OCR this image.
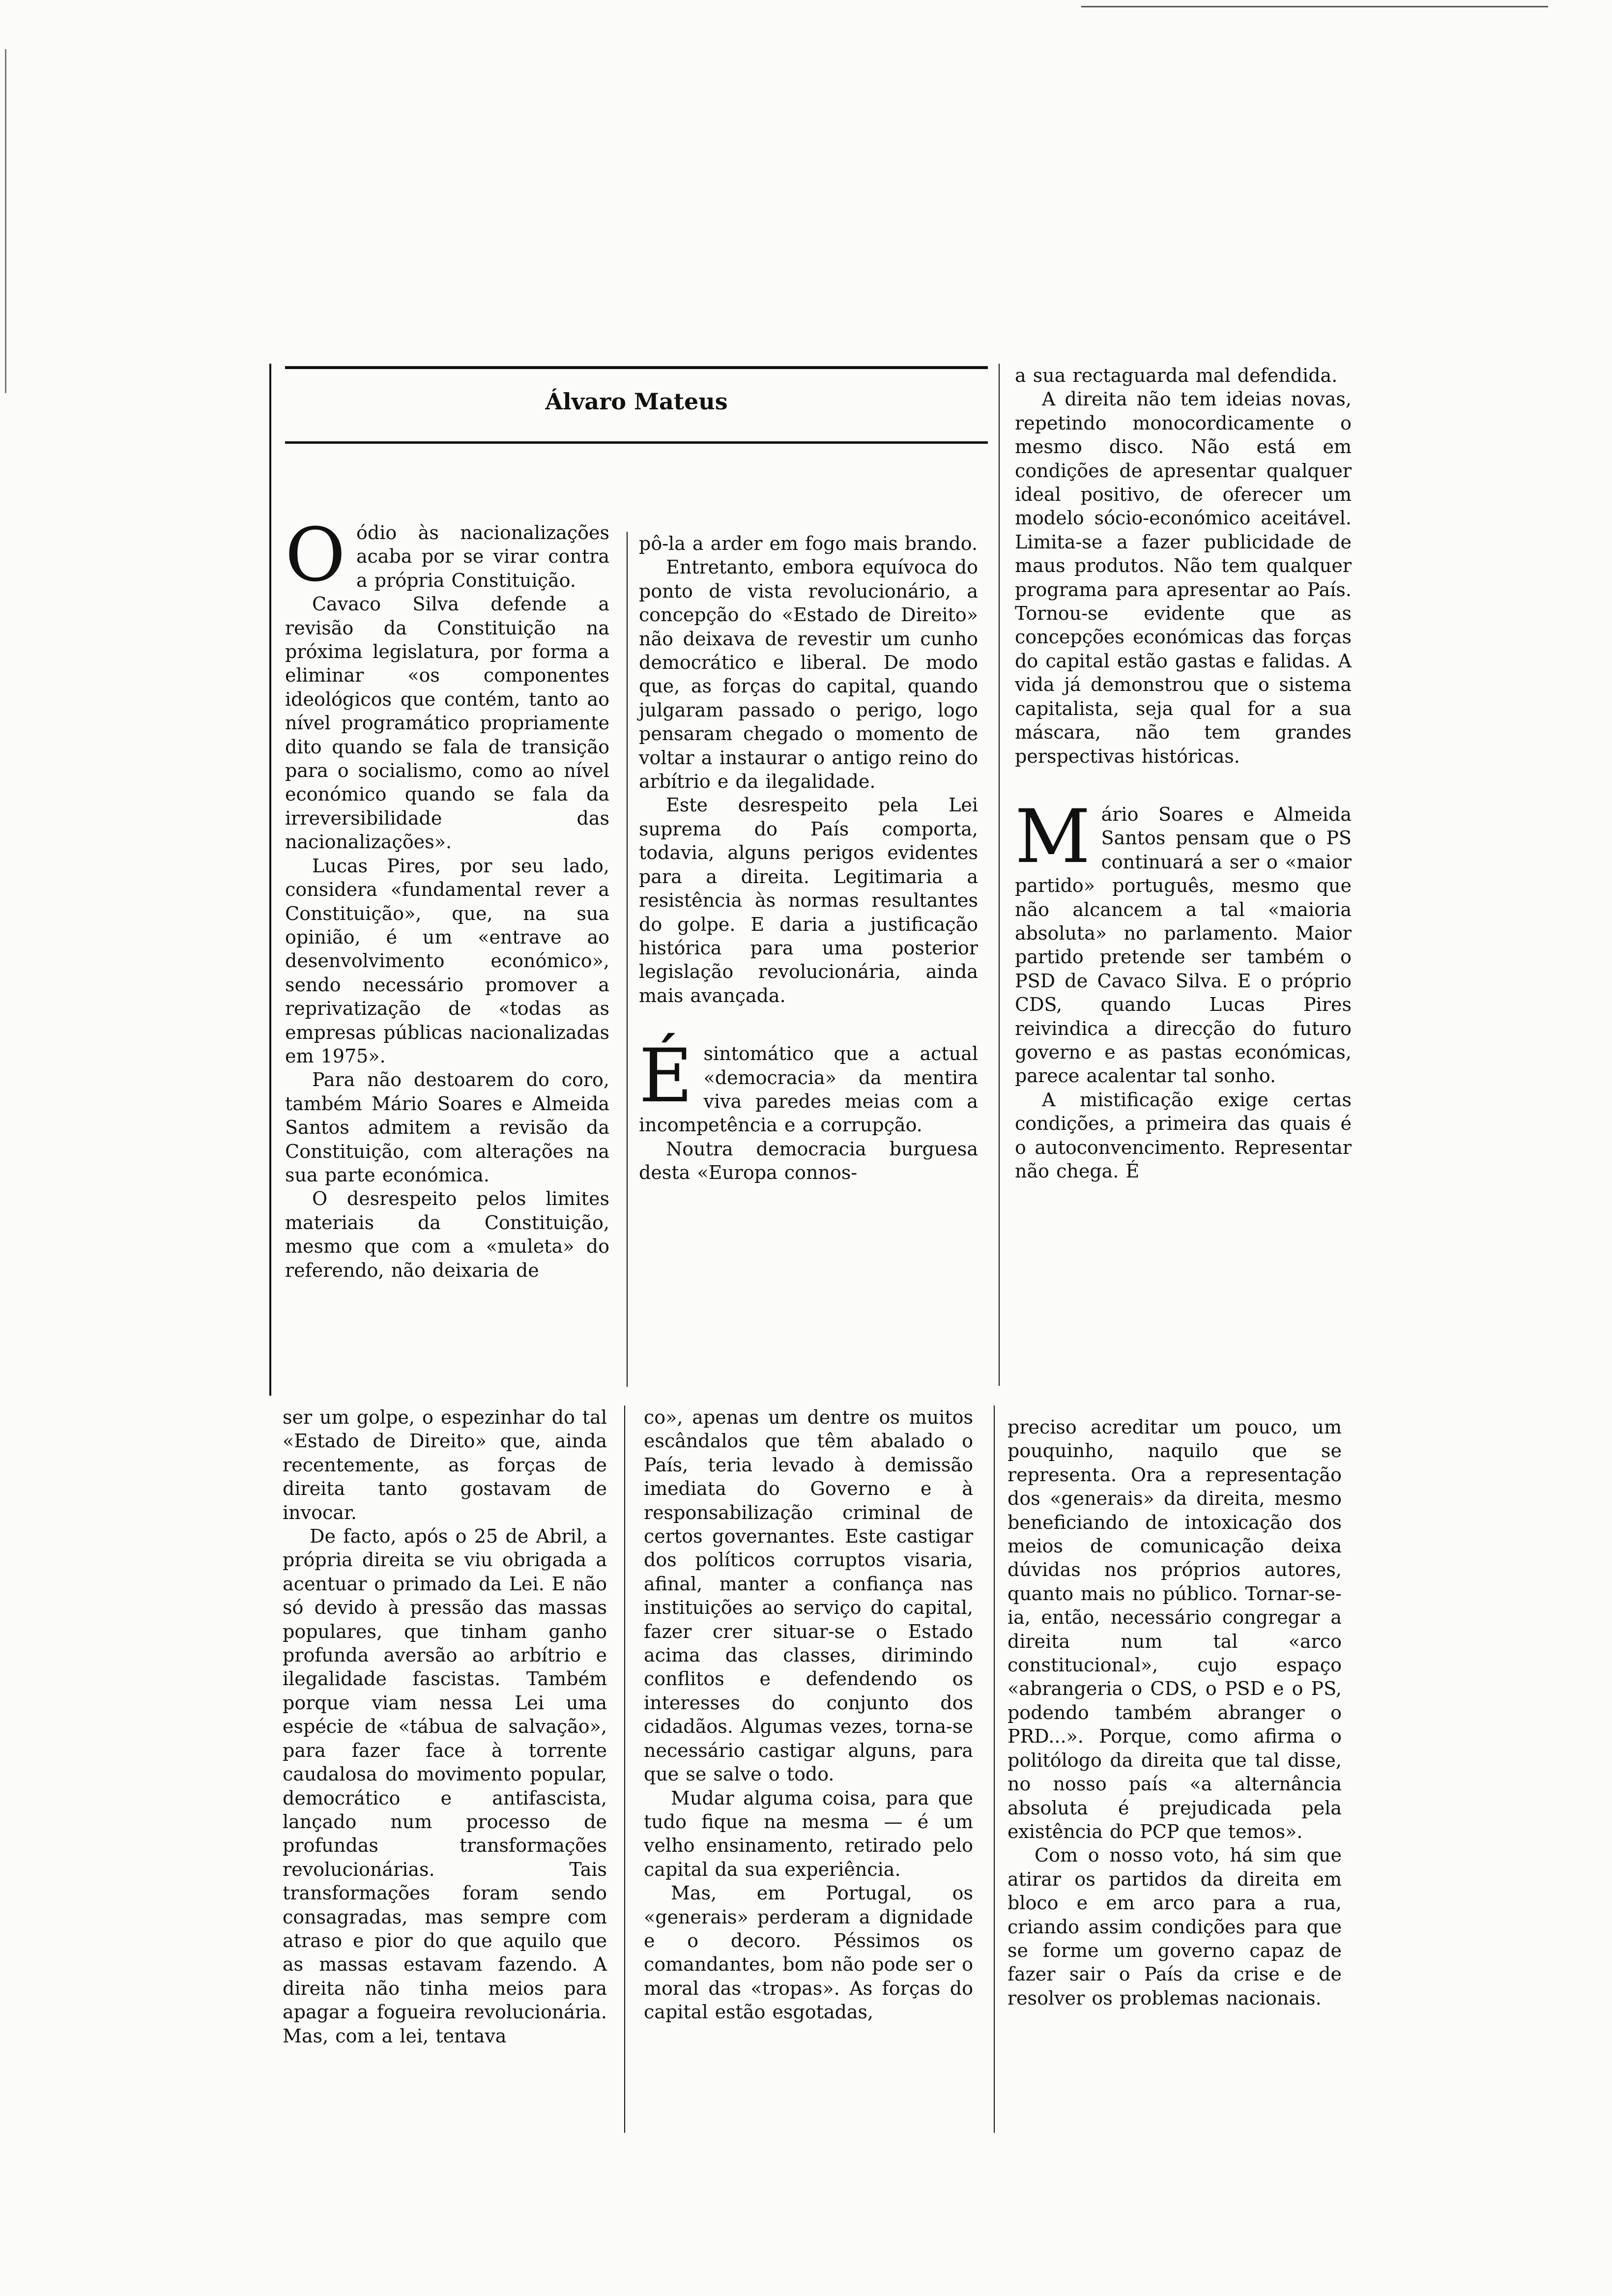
Álvaro Mateus

Oódio às nacionalizações acaba por se virar contra a própria Constituição.

Cavaco Silva defende a revisão da Constituição na próxima legislatura, por forma a eliminar «os componentes ideológicos que contém, tanto ao nível programático propriamente dito quando se fala de transição para o socialismo, como ao nível económico quando se fala da irreversibilidade das nacionalizações».

Lucas Pires, por seu lado, considera «fundamental rever a Constituição», que, na sua opinião, é um «entrave ao desenvolvimento económico», sendo necessário promover a reprivatização de «todas as empresas públicas nacionalizadas em 1975».

Para não destoarem do coro, também Mário Soares e Almeida Santos admitem a revisão da Constituição, com alterações na sua parte económica.

O desrespeito pelos limites materiais da Constituição, mesmo que com a «muleta» do referendo, não deixaria de

pô-la a arder em fogo mais brando.

Entretanto, embora equívoca do ponto de vista revolucionário, a concepção do «Estado de Direito» não deixava de revestir um cunho democrático e liberal. De modo que, as forças do capital, quando julgaram passado o perigo, logo pensaram chegado o momento de voltar a instaurar o antigo reino do arbítrio e da ilegalidade.

Este desrespeito pela Lei suprema do País comporta, todavia, alguns perigos evidentes para a direita. Legitimaria a resistência às normas resultantes do golpe. E daria a justificação histórica para uma posterior legislação revolucionária, ainda mais avançada.

Ésintomático que a actual «democracia» da mentira viva paredes meias com a incompetência e a corrupção.

Noutra democracia burguesa desta «Europa connos-

a sua rectaguarda mal defendida.

A direita não tem ideias novas, repetindo monocordicamente o mesmo disco. Não está em condições de apresentar qualquer ideal positivo, de oferecer um modelo sócio-económico aceitável. Limita-se a fazer publicidade de maus produtos. Não tem qualquer programa para apresentar ao País. Tornou-se evidente que as concepções económicas das forças do capital estão gastas e falidas. A vida já demonstrou que o sistema capitalista, seja qual for a sua máscara, não tem grandes perspectivas históricas.

Mário Soares e Almeida Santos pensam que o PS continuará a ser o «maior partido» português, mesmo que não alcancem a tal «maioria absoluta» no parlamento. Maior partido pretende ser também o PSD de Cavaco Silva. E o próprio CDS, quando Lucas Pires reivindica a direcção do futuro governo e as pastas económicas, parece acalentar tal sonho.

A mistificação exige certas condições, a primeira das quais é o autoconvencimento. Representar não chega. É

ser um golpe, o espezinhar do tal «Estado de Direito» que, ainda recentemente, as forças de direita tanto gostavam de invocar.

De facto, após o 25 de Abril, a própria direita se viu obrigada a acentuar o primado da Lei. E não só devido à pressão das massas populares, que tinham ganho profunda aversão ao arbítrio e ilegalidade fascistas. Também porque viam nessa Lei uma espécie de «tábua de salvação», para fazer face à torrente caudalosa do movimento popular, democrático e antifascista, lançado num processo de profundas transformações revolucionárias. Tais transformações foram sendo consagradas, mas sempre com atraso e pior do que aquilo que as massas estavam fazendo. A direita não tinha meios para apagar a fogueira revolucionária. Mas, com a lei, tentava

co», apenas um dentre os muitos escândalos que têm abalado o País, teria levado à demissão imediata do Governo e à responsabilização criminal de certos governantes. Este castigar dos políticos corruptos visaria, afinal, manter a confiança nas instituições ao serviço do capital, fazer crer situar-se o Estado acima das classes, dirimindo conflitos e defendendo os interesses do conjunto dos cidadãos. Algumas vezes, torna-se necessário castigar alguns, para que se salve o todo.

Mudar alguma coisa, para que tudo fique na mesma — é um velho ensinamento, retirado pelo capital da sua experiência.

Mas, em Portugal, os «generais» perderam a dignidade e o decoro. Péssimos os comandantes, bom não pode ser o moral das «tropas». As forças do capital estão esgotadas,

preciso acreditar um pouco, um pouquinho, naquilo que se representa. Ora a representação dos «generais» da direita, mesmo beneficiando de intoxicação dos meios de comunicação deixa dúvidas nos próprios autores, quanto mais no público. Tornar-se-ia, então, necessário congregar a direita num tal «arco constitucional», cujo espaço «abrangeria o CDS, o PSD e o PS, podendo também abranger o PRD...». Porque, como afirma o politólogo da direita que tal disse, no nosso país «a alternância absoluta é prejudicada pela existência do PCP que temos».

Com o nosso voto, há sim que atirar os partidos da direita em bloco e em arco para a rua, criando assim condições para que se forme um governo capaz de fazer sair o País da crise e de resolver os problemas nacionais.
